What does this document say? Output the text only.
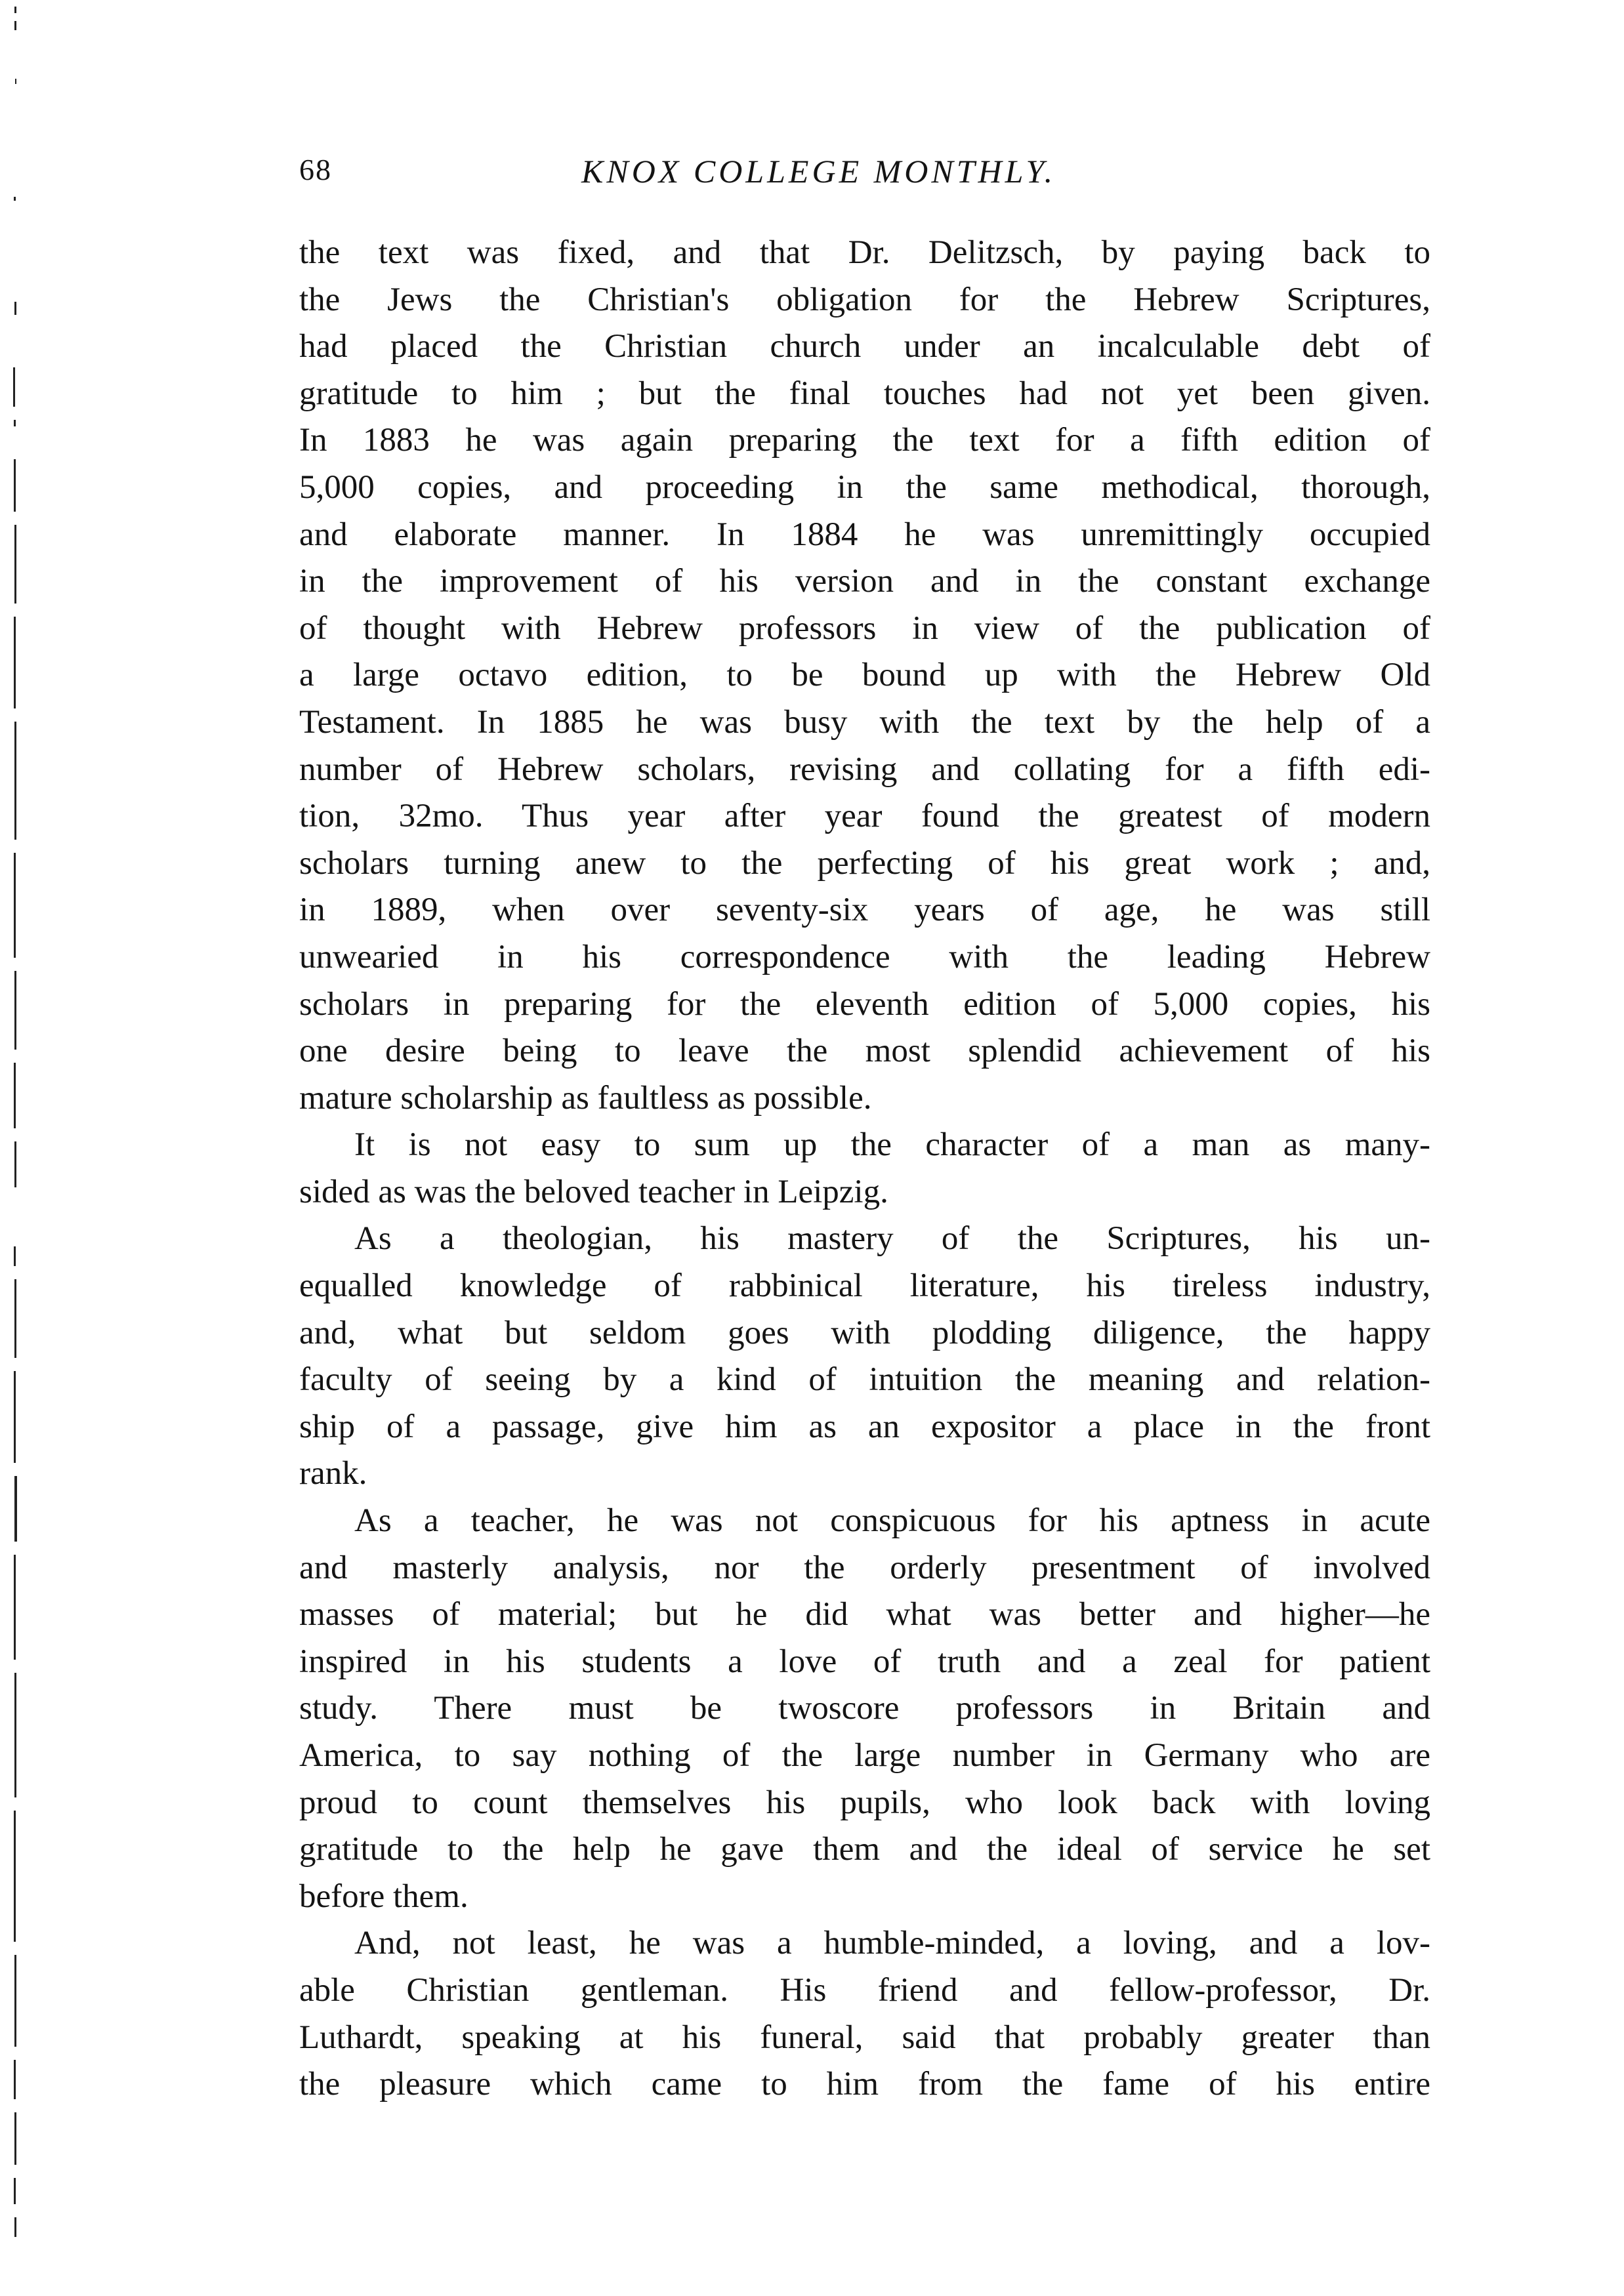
68	KNOX COLLEGE MONTHLY.
the text was fixed, and that Dr. Delitzsch, by paying back to
the Jews the Christian's obligation for the Hebrew Scriptures,
had placed the Christian church under an incalculable debt of
gratitude to him ; but the final touches had not yet been given.
In 1883 he was again preparing the text for a fifth edition of
5,000 copies, and proceeding in the same methodical, thorough,
and elaborate manner. In 1884 he was unremittingly occupied
in the improvement of his version and in the constant exchange
of thought with Hebrew professors in view of the publication of
a large octavo edition, to be bound up with the Hebrew Old
Testament. In 1885 he was busy with the text by the help of a
number of Hebrew scholars, revising and collating for a fifth edi-
tion, 32mo. Thus year after year found the greatest of modern
scholars turning anew to the perfecting of his great work ; and,
in 1889, when over seventy-six years of age, he was still
unwearied in his correspondence with the leading Hebrew
scholars in preparing for the eleventh edition of 5,000 copies, his
one desire being to leave the most splendid achievement of his
mature scholarship as faultless as possible.
It is not easy to sum up the character of a man as many-
sided as was the beloved teacher in Leipzig.
As a theologian, his mastery of the Scriptures, his un-
equalled knowledge of rabbinical literature, his tireless industry,
and, what but seldom goes with plodding diligence, the happy
faculty of seeing by a kind of intuition the meaning and relation-
ship of a passage, give him as an expositor a place in the front
rank.
As a teacher, he was not conspicuous for his aptness in acute
and masterly analysis, nor the orderly presentment of involved
masses of material; but he did what was better and higher—he
inspired in his students a love of truth and a zeal for patient
study. There must be twoscore professors in Britain and
America, to say nothing of the large number in Germany who are
proud to count themselves his pupils, who look back with loving
gratitude to the help he gave them and the ideal of service he set
before them.
And, not least, he was a humble-minded, a loving, and a lov-
able Christian gentleman. His friend and fellow-professor, Dr.
Luthardt, speaking at his funeral, said that probably greater than
the pleasure which came to him from the fame of his entire
